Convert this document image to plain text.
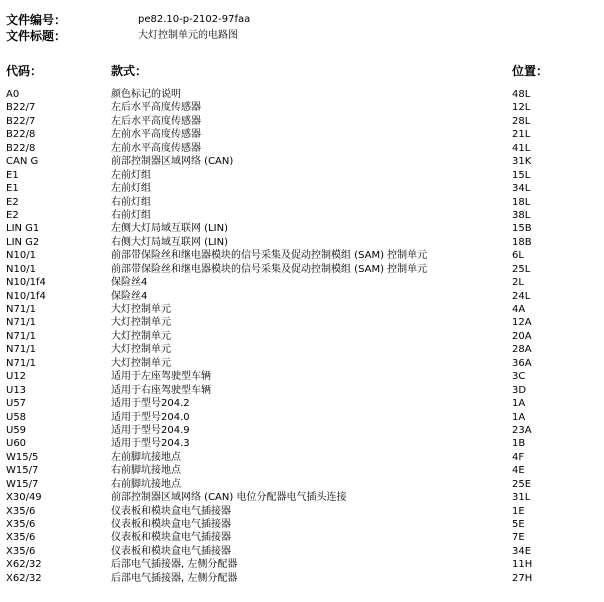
文件编号：	pe82.10-p-2102-97faa
文件标题：	大灯控制单元的电路图
代码：	款式：	位置：
A0	颜色标记的说明	48L
B22/7	左后水平高度传感器	12L
B22/7	左后水平高度传感器	28L
B22/8	左前水平高度传感器	21L
B22/8	左前水平高度传感器	41L
CAN G	前部控制器区域网络 (CAN)	31K
E1	左前灯组	15L
E1	左前灯组	34L
E2	右前灯组	18L
E2	右前灯组	38L
LIN G1	左侧大灯局域互联网 (LIN)	15B
LIN G2	右侧大灯局域互联网 (LIN)	18B
N10/1	前部带保险丝和继电器模块的信号采集及促动控制模组 (SAM) 控制单元	6L
N10/1	前部带保险丝和继电器模块的信号采集及促动控制模组 (SAM) 控制单元	25L
N10/1f4	保险丝4	2L
N10/1f4	保险丝4	24L
N71/1	大灯控制单元	4A
N71/1	大灯控制单元	12A
N71/1	大灯控制单元	20A
N71/1	大灯控制单元	28A
N71/1	大灯控制单元	36A
U12	适用于左座驾驶型车辆	3C
U13	适用于右座驾驶型车辆	3D
U57	适用于型号204.2	1A
U58	适用于型号204.0	1A
U59	适用于型号204.9	23A
U60	适用于型号204.3	1B
W15/5	左前脚坑接地点	4F
W15/7	右前脚坑接地点	4E
W15/7	右前脚坑接地点	25E
X30/49	前部控制器区域网络 (CAN) 电位分配器电气插头连接	31L
X35/6	仪表板和模块盒电气插接器	1E
X35/6	仪表板和模块盒电气插接器	5E
X35/6	仪表板和模块盒电气插接器	7E
X35/6	仪表板和模块盒电气插接器	34E
X62/32	后部电气插接器, 左侧分配器	11H
X62/32	后部电气插接器, 左侧分配器	27H
